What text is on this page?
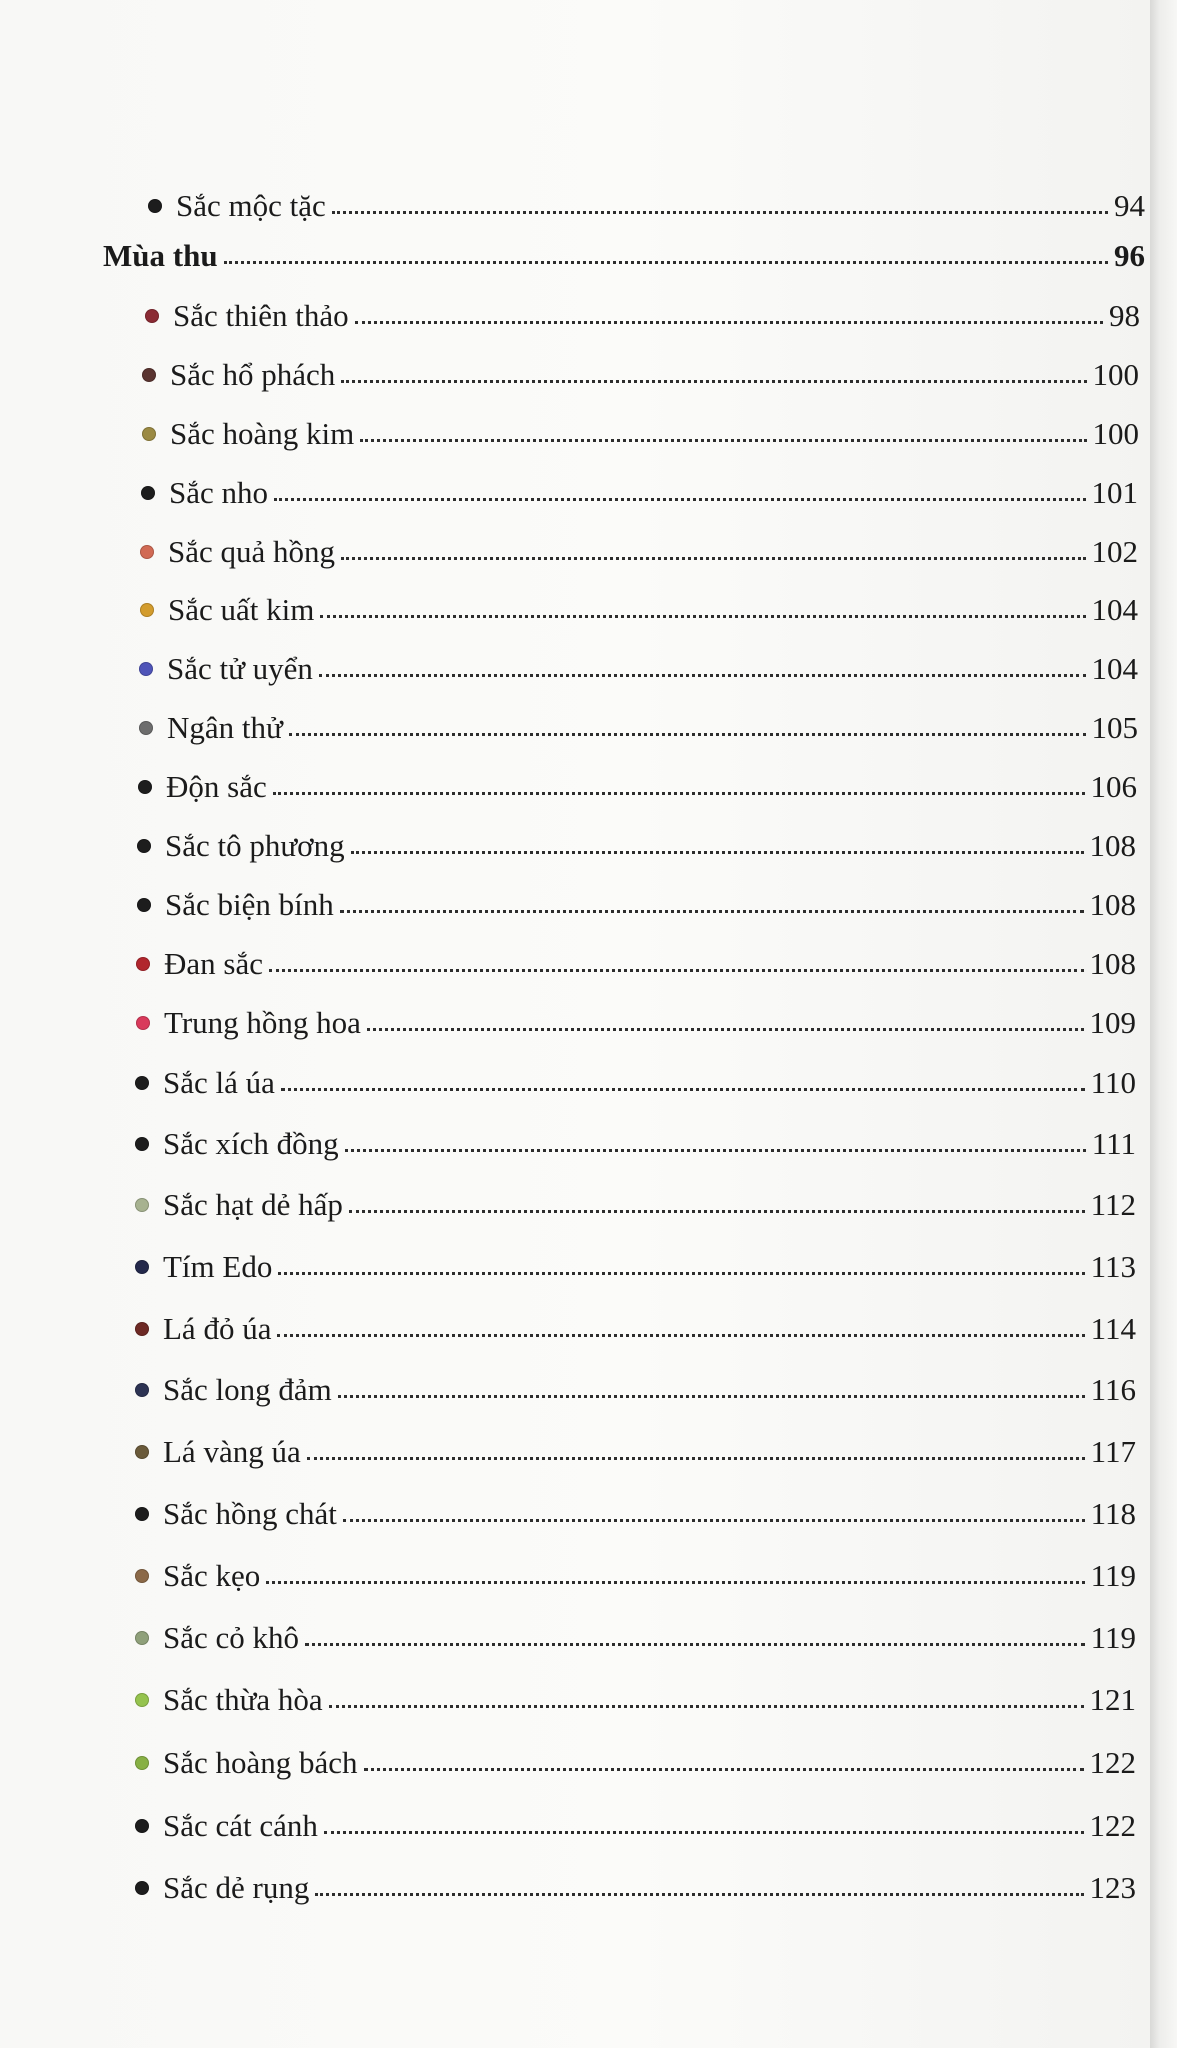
Sắc mộc tặc	94
Mùa thu	96
Sắc thiên thảo	98
Sắc hổ phách	100
Sắc hoàng kim	100
Sắc nho	101
Sắc quả hồng	102
Sắc uất kim	104
Sắc tử uyển	104
Ngân thử	105
Độn sắc	106
Sắc tô phương	108
Sắc biện bính	108
Đan sắc	108
Trung hồng hoa	109
Sắc lá úa	110
Sắc xích đồng	111
Sắc hạt dẻ hấp	112
Tím Edo	113
Lá đỏ úa	114
Sắc long đảm	116
Lá vàng úa	117
Sắc hồng chát	118
Sắc kẹo	119
Sắc cỏ khô	119
Sắc thừa hòa	121
Sắc hoàng bách	122
Sắc cát cánh	122
Sắc dẻ rụng	123
